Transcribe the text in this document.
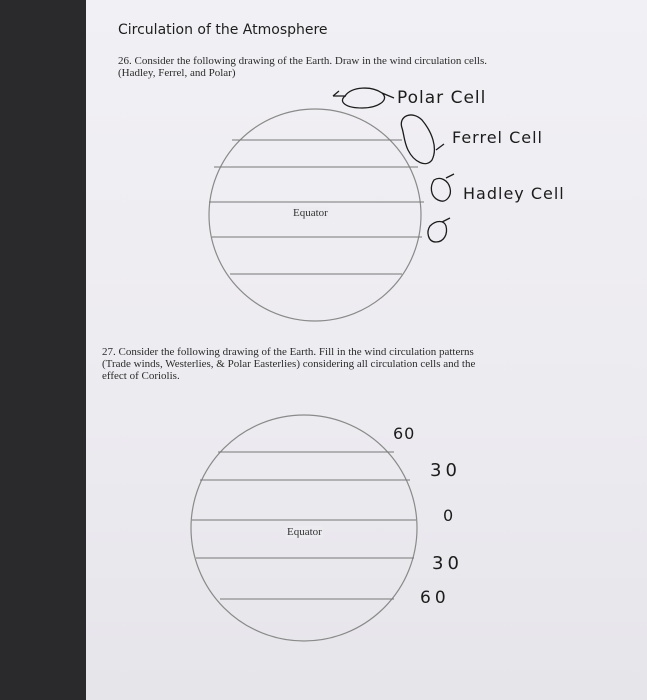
Circulation of the Atmosphere
26. Consider the following drawing of the Earth. Draw in the wind circulation cells.
(Hadley, Ferrel, and Polar)
Equator
Polar Cell
Ferrel Cell
Hadley Cell
27. Consider the following drawing of the Earth. Fill in the wind circulation patterns
(Trade winds, Westerlies, & Polar Easterlies) considering all circulation cells and the
effect of Coriolis.
Equator
60
30
0
30
60
